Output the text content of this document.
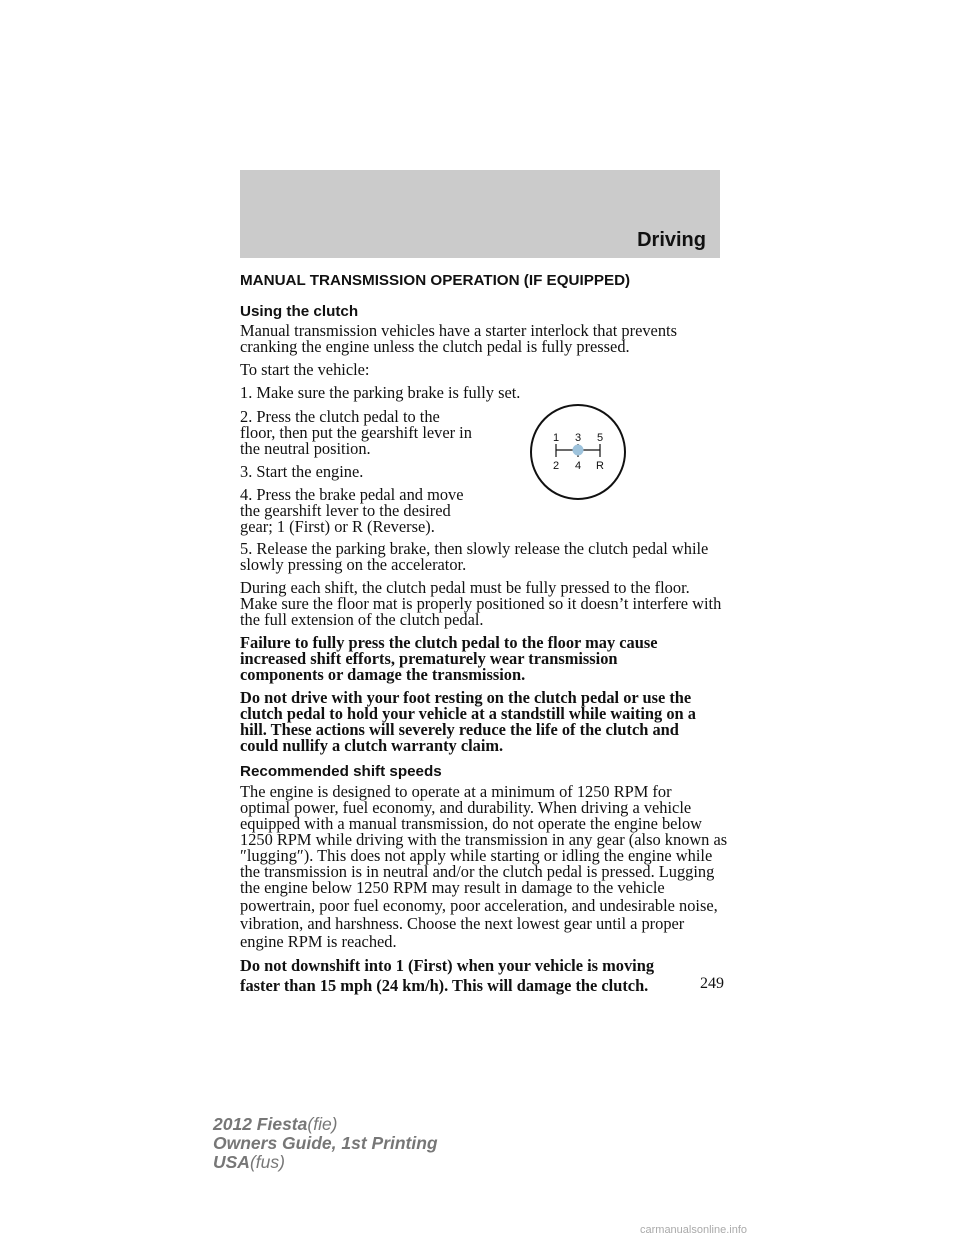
Driving
MANUAL TRANSMISSION OPERATION (IF EQUIPPED)
Using the clutch
Manual transmission vehicles have a starter interlock that prevents
cranking the engine unless the clutch pedal is fully pressed.
To start the vehicle:
1. Make sure the parking brake is fully set.
2. Press the clutch pedal to the
floor, then put the gearshift lever in
the neutral position.
3. Start the engine.
4. Press the brake pedal and move
the gearshift lever to the desired
gear; 1 (First) or R (Reverse).
5. Release the parking brake, then slowly release the clutch pedal while
slowly pressing on the accelerator.
During each shift, the clutch pedal must be fully pressed to the floor.
Make sure the floor mat is properly positioned so it doesn’t interfere with
the full extension of the clutch pedal.
Failure to fully press the clutch pedal to the floor may cause
increased shift efforts, prematurely wear transmission
components or damage the transmission.
Do not drive with your foot resting on the clutch pedal or use the
clutch pedal to hold your vehicle at a standstill while waiting on a
hill. These actions will severely reduce the life of the clutch and
could nullify a clutch warranty claim.
Recommended shift speeds
The engine is designed to operate at a minimum of 1250 RPM for
optimal power, fuel economy, and durability. When driving a vehicle
equipped with a manual transmission, do not operate the engine below
1250 RPM while driving with the transmission in any gear (also known as
″lugging″). This does not apply while starting or idling the engine while
the transmission is in neutral and/or the clutch pedal is pressed. Lugging
the engine below 1250 RPM may result in damage to the vehicle
powertrain, poor fuel economy, poor acceleration, and undesirable noise,
vibration, and harshness. Choose the next lowest gear until a proper
engine RPM is reached.
Do not downshift into 1 (First) when your vehicle is moving
faster than 15 mph (24 km/h). This will damage the clutch.
1 3 5
2 4 R
249
2012 Fiesta(fie)
Owners Guide, 1st Printing
USA(fus)
carmanualsonline.info
